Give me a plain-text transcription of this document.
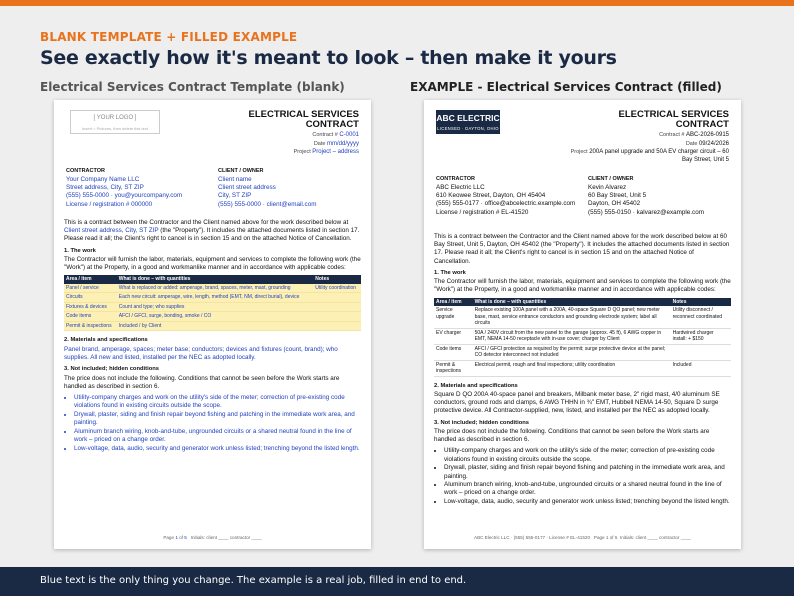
BLANK TEMPLATE + FILLED EXAMPLE
See exactly how it's meant to look – then make it yours
Electrical Services Contract Template (blank)	EXAMPLE - Electrical Services Contract (filled)
[ YOUR LOGO ]
Insert > Pictures, then delete this text
ELECTRICAL SERVICES
CONTRACT
Contract # C-0001
Date mm/dd/yyyy
Project Project – address
CONTRACTOR
Your Company Name LLC
Street address, City, ST ZIP
(555) 555-0000 · you@yourcompany.com
License / registration # 000000
CLIENT / OWNER
Client name
Client street address
City, ST ZIP
(555) 555-0000 · client@email.com

This is a contract between the Contractor and the Client named above for the work described below at Client street address, City, ST ZIP (the "Property"). It includes the attached documents listed in section 17. Please read it all; the Client's right to cancel is in section 15 and on the attached Notice of Cancellation.

1. The work

The Contractor will furnish the labor, materials, equipment and services to complete the following work (the "Work") at the Property, in a good and workmanlike manner and in accordance with applicable codes:

Area / item	What is done – with quantities	Notes
Panel / service	What is replaced or added: amperage, brand, spaces, meter, mast, grounding	Utility coordination
Circuits	Each new circuit: amperage, wire, length, method (EMT, NM, direct burial), device	
Fixtures & devices	Count and type; who supplies	
Code items	AFCI / GFCI, surge, bonding, smoke / CO	
Permit & inspections	Included / by Client	
2. Materials and specifications

Panel brand, amperage, spaces; meter base; conductors; devices and fixtures (count, brand); who supplies. All new and listed, installed per the NEC as adopted locally.

3. Not included; hidden conditions

The price does not include the following. Conditions that cannot be seen before the Work starts are handled as described in section 6.

• Utility-company charges and work on the utility's side of the meter; correction of pre-existing code violations found in existing circuits outside the scope.
• Drywall, plaster, siding and finish repair beyond fishing and patching in the immediate work area, and painting.
• Aluminum branch wiring, knob-and-tube, ungrounded circuits or a shared neutral found in the line of work – priced on a change order.
• Low-voltage, data, audio, security and generator work unless listed; trenching beyond the listed length.
Page 1 of 5 Initials: client ____ contractor ____
ABC ELECTRIC
LICENSED · DAYTON, OHIO
ELECTRICAL SERVICES
CONTRACT
Contract # ABC-2026-0915
Date 09/24/2026
Project 200A panel upgrade and 50A EV charger circuit – 60 Bay Street, Unit 5
CONTRACTOR
ABC Electric LLC
610 Keowee Street, Dayton, OH 45404
(555) 555-0177 · office@abcelectric.example.com
License / registration # EL-41520
CLIENT / OWNER
Kevin Alvarez
60 Bay Street, Unit 5
Dayton, OH 45402
(555) 555-0150 · kalvarez@example.com

This is a contract between the Contractor and the Client named above for the work described below at 60 Bay Street, Unit 5, Dayton, OH 45402 (the "Property"). It includes the attached documents listed in section 17. Please read it all; the Client's right to cancel is in section 15 and on the attached Notice of Cancellation.

1. The work

The Contractor will furnish the labor, materials, equipment and services to complete the following work (the "Work") at the Property, in a good and workmanlike manner and in accordance with applicable codes:

Area / item	What is done – with quantities	Notes
Service upgrade	Replace existing 100A panel with a 200A, 40-space Square D QO panel; new meter base, mast, service entrance conductors and grounding electrode system; label all circuits	Utility disconnect / reconnect coordinated
EV charger	50A / 240V circuit from the new panel to the garage (approx. 45 ft), 6 AWG copper in EMT, NEMA 14-50 receptacle with in-use cover; charger by Client	Hardwired charger install: + $150
Code items	AFCI / GFCI protection as required by the permit; surge protective device at the panel; CO detector interconnect not included	
Permit & inspections	Electrical permit, rough and final inspections; utility coordination	Included
2. Materials and specifications

Square D QO 200A 40-space panel and breakers, Milbank meter base, 2" rigid mast, 4/0 aluminum SE conductors, ground rods and clamps, 6 AWG THHN in ¾" EMT, Hubbell NEMA 14-50, Square D surge protective device. All Contractor-supplied, new, listed, and installed per the NEC as adopted locally.

3. Not included; hidden conditions

The price does not include the following. Conditions that cannot be seen before the Work starts are handled as described in section 6.

• Utility-company charges and work on the utility's side of the meter; correction of pre-existing code violations found in existing circuits outside the scope.
• Drywall, plaster, siding and finish repair beyond fishing and patching in the immediate work area, and painting.
• Aluminum branch wiring, knob-and-tube, ungrounded circuits or a shared neutral found in the line of work – priced on a change order.
• Low-voltage, data, audio, security and generator work unless listed; trenching beyond the listed length.
ABC Electric LLC · (555) 555-0177 · License # EL-41520 Page 1 of 5 Initials: client ____ contractor ____
Blue text is the only thing you change. The example is a real job, filled in end to end.
